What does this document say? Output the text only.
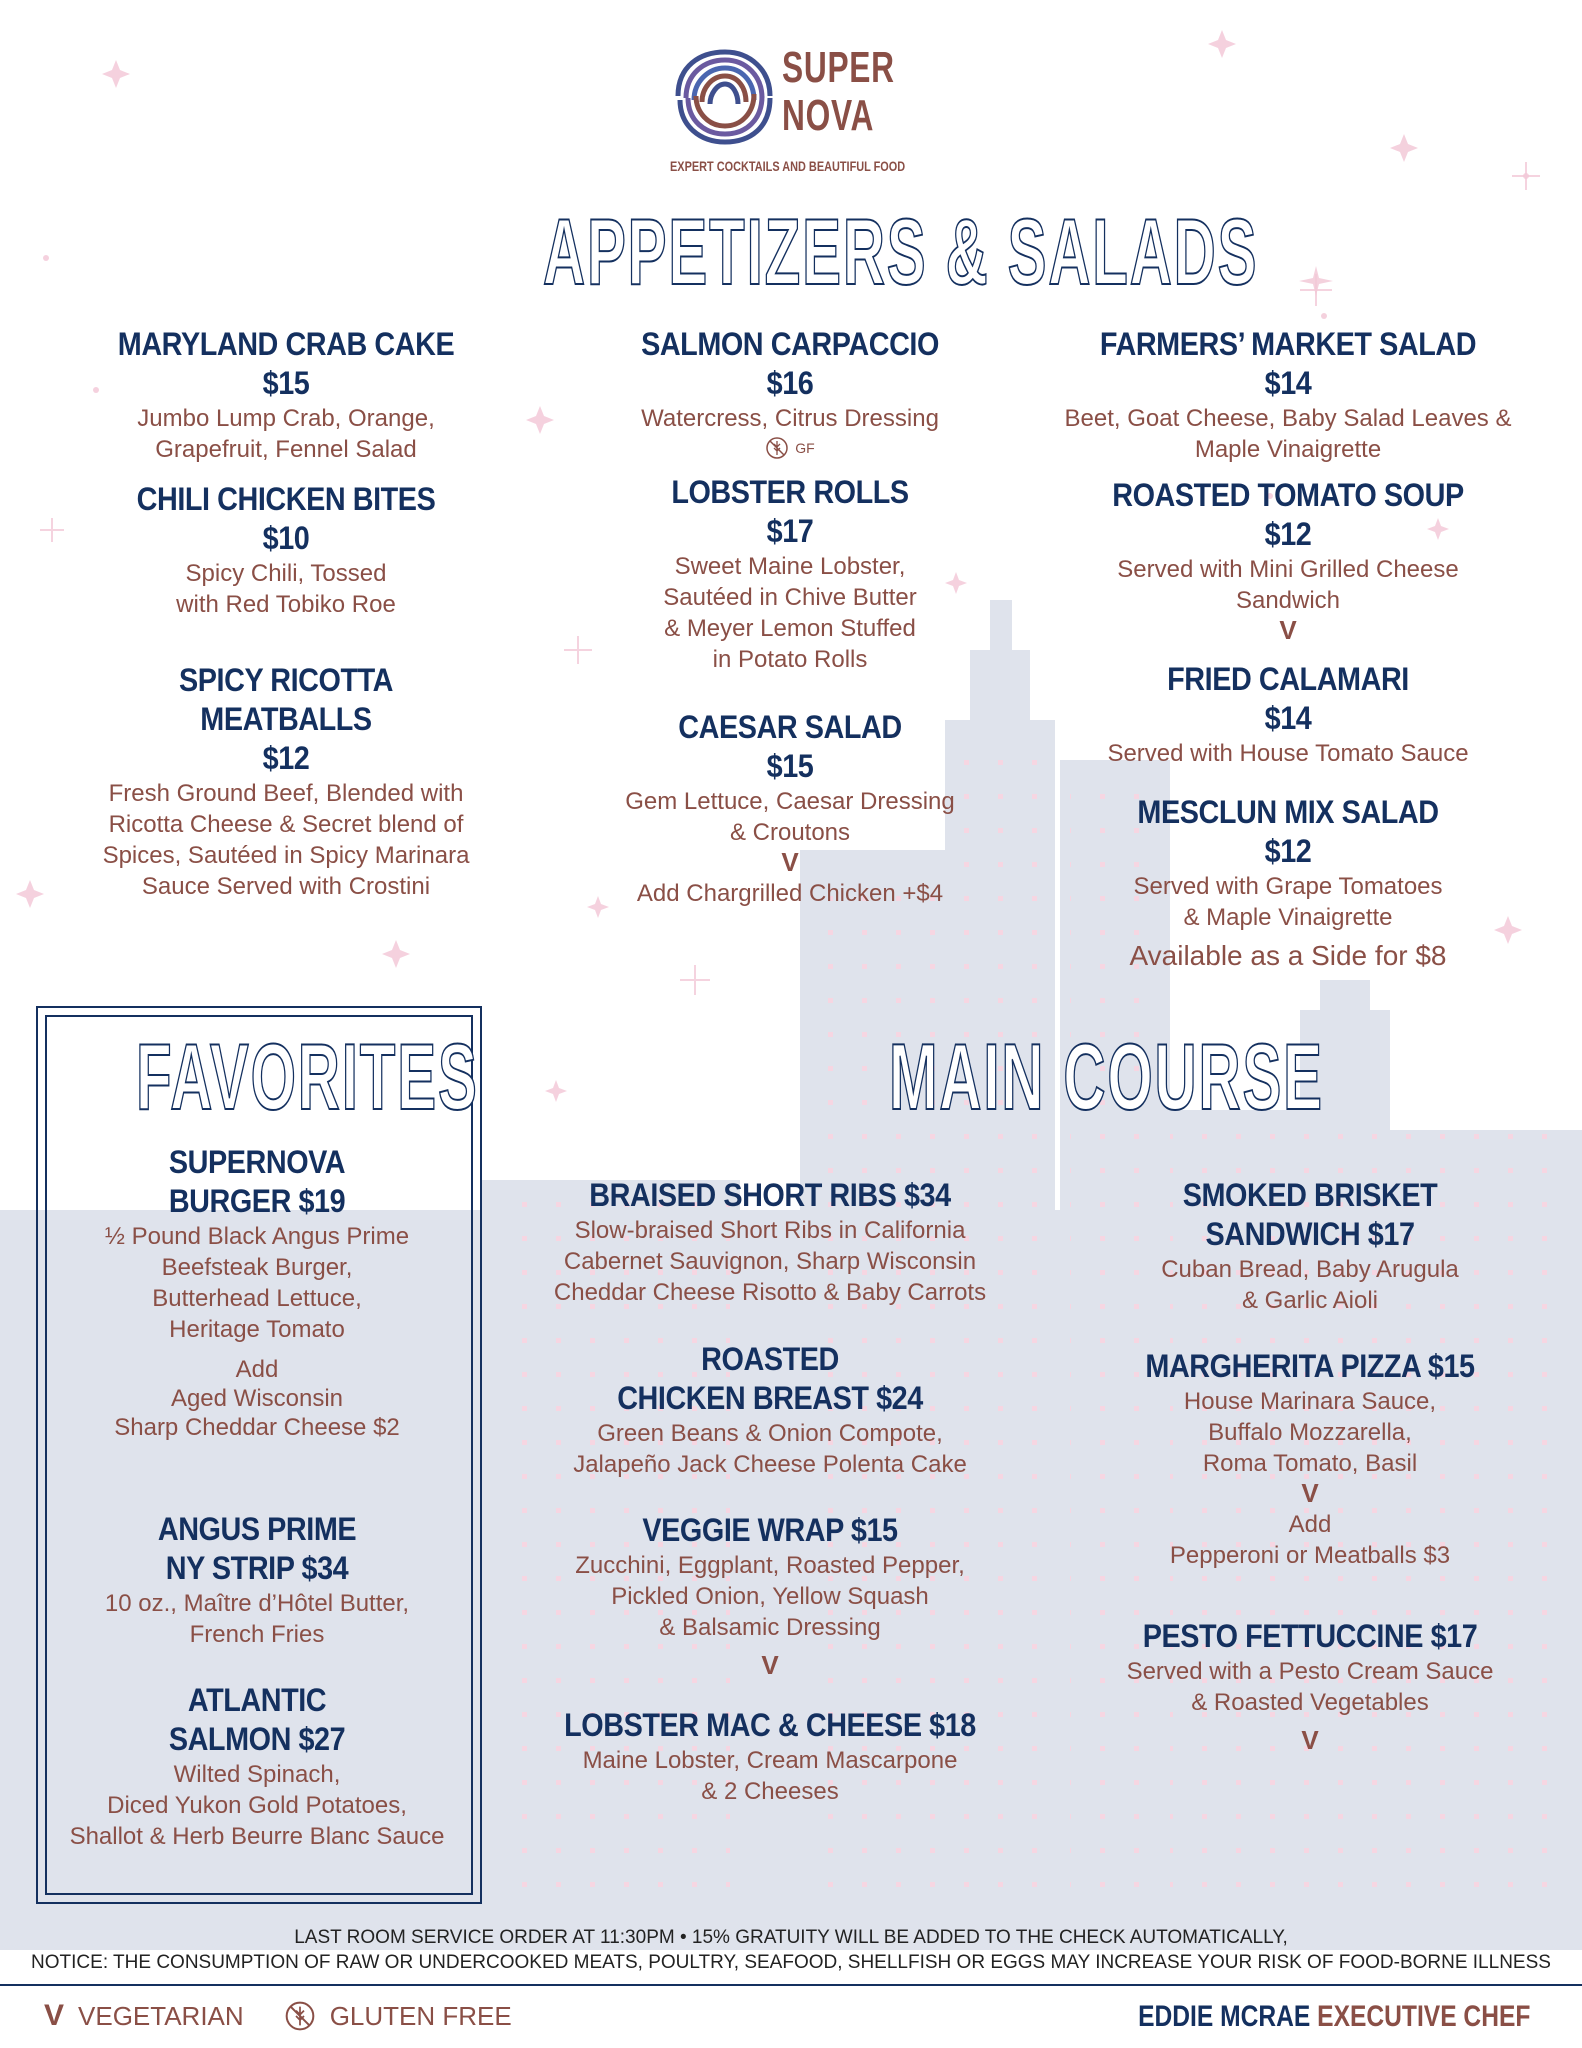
SUPER
NOVA
EXPERT COCKTAILS AND BEAUTIFUL FOOD
APPETIZERS & SALADS
MARYLAND CRAB CAKE
$15
Jumbo Lump Crab, Orange,
Grapefruit, Fennel Salad
CHILI CHICKEN BITES
$10
Spicy Chili, Tossed
with Red Tobiko Roe
SPICY RICOTTA
MEATBALLS
$12
Fresh Ground Beef, Blended with
Ricotta Cheese & Secret blend of
Spices, Sautéed in Spicy Marinara
Sauce Served with Crostini
SALMON CARPACCIO
$16
Watercress, Citrus Dressing
GF
LOBSTER ROLLS
$17
Sweet Maine Lobster,
Sautéed in Chive Butter
& Meyer Lemon Stuffed
in Potato Rolls
CAESAR SALAD
$15
Gem Lettuce, Caesar Dressing
& Croutons
V
Add Chargrilled Chicken +$4
FARMERS’ MARKET SALAD
$14
Beet, Goat Cheese, Baby Salad Leaves &
Maple Vinaigrette
ROASTED TOMATO SOUP
$12
Served with Mini Grilled Cheese
Sandwich
V
FRIED CALAMARI
$14
Served with House Tomato Sauce
MESCLUN MIX SALAD
$12
Served with Grape Tomatoes
& Maple Vinaigrette
Available as a Side for $8
FAVORITES
SUPERNOVA
BURGER $19
½ Pound Black Angus Prime
Beefsteak Burger,
Butterhead Lettuce,
Heritage Tomato
Add
Aged Wisconsin
Sharp Cheddar Cheese $2
ANGUS PRIME
NY STRIP $34
10 oz., Maître d’Hôtel Butter,
French Fries
ATLANTIC
SALMON $27
Wilted Spinach,
Diced Yukon Gold Potatoes,
Shallot & Herb Beurre Blanc Sauce
MAIN COURSE
BRAISED SHORT RIBS $34
Slow-braised Short Ribs in California
Cabernet Sauvignon, Sharp Wisconsin
Cheddar Cheese Risotto & Baby Carrots
ROASTED
CHICKEN BREAST $24
Green Beans & Onion Compote,
Jalapeño Jack Cheese Polenta Cake
VEGGIE WRAP $15
Zucchini, Eggplant, Roasted Pepper,
Pickled Onion, Yellow Squash
& Balsamic Dressing
V
LOBSTER MAC & CHEESE $18
Maine Lobster, Cream Mascarpone
& 2 Cheeses
SMOKED BRISKET
SANDWICH $17
Cuban Bread, Baby Arugula
& Garlic Aioli
MARGHERITA PIZZA $15
House Marinara Sauce,
Buffalo Mozzarella,
Roma Tomato, Basil
V
Add
Pepperoni or Meatballs $3
PESTO FETTUCCINE $17
Served with a Pesto Cream Sauce
& Roasted Vegetables
V
LAST ROOM SERVICE ORDER AT 11:30PM • 15% GRATUITY WILL BE ADDED TO THE CHECK AUTOMATICALLY,
NOTICE: THE CONSUMPTION OF RAW OR UNDERCOOKED MEATS, POULTRY, SEAFOOD, SHELLFISH OR EGGS MAY INCREASE YOUR RISK OF FOOD-BORNE ILLNESS
V VEGETARIAN	GLUTEN FREE	EDDIE MCRAE EXECUTIVE CHEF
